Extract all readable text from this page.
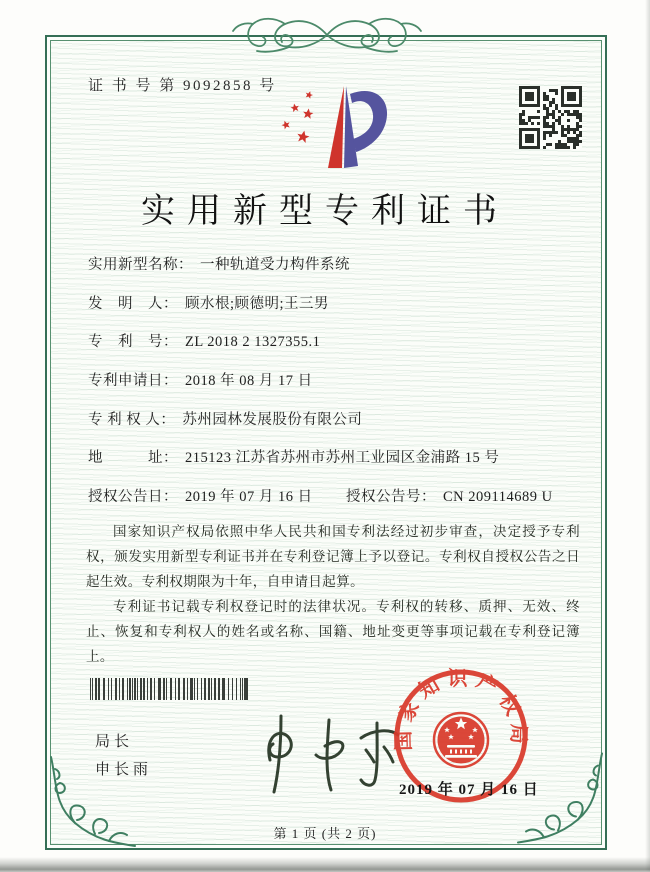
证 书 号 第 9092858 号
实用新型专利证书
实用新型名称： 一种轨道受力构件系统
发　明　人： 顾水根;顾德明;王三男
专　利　号： ZL 2018 2 1327355.1
专利申请日： 2018 年 08 月 17 日
专 利 权 人： 苏州园林发展股份有限公司
地　　　址： 215123 江苏省苏州市苏州工业园区金浦路 15 号
授权公告日： 2019 年 07 月 16 日 授权公告号： CN 209114689 U

国家知识产权局依照中华人民共和国专利法经过初步审查，决定授予专利权，颁发实用新型专利证书并在专利登记簿上予以登记。专利权自授权公告之日起生效。专利权期限为十年，自申请日起算。

专利证书记载专利权登记时的法律状况。专利权的转移、质押、无效、终止、恢复和专利权人的姓名或名称、国籍、地址变更等事项记载在专利登记簿上。

局长
申长雨
国家知识产权局
2019 年 07 月 16 日
第 1 页 (共 2 页)
